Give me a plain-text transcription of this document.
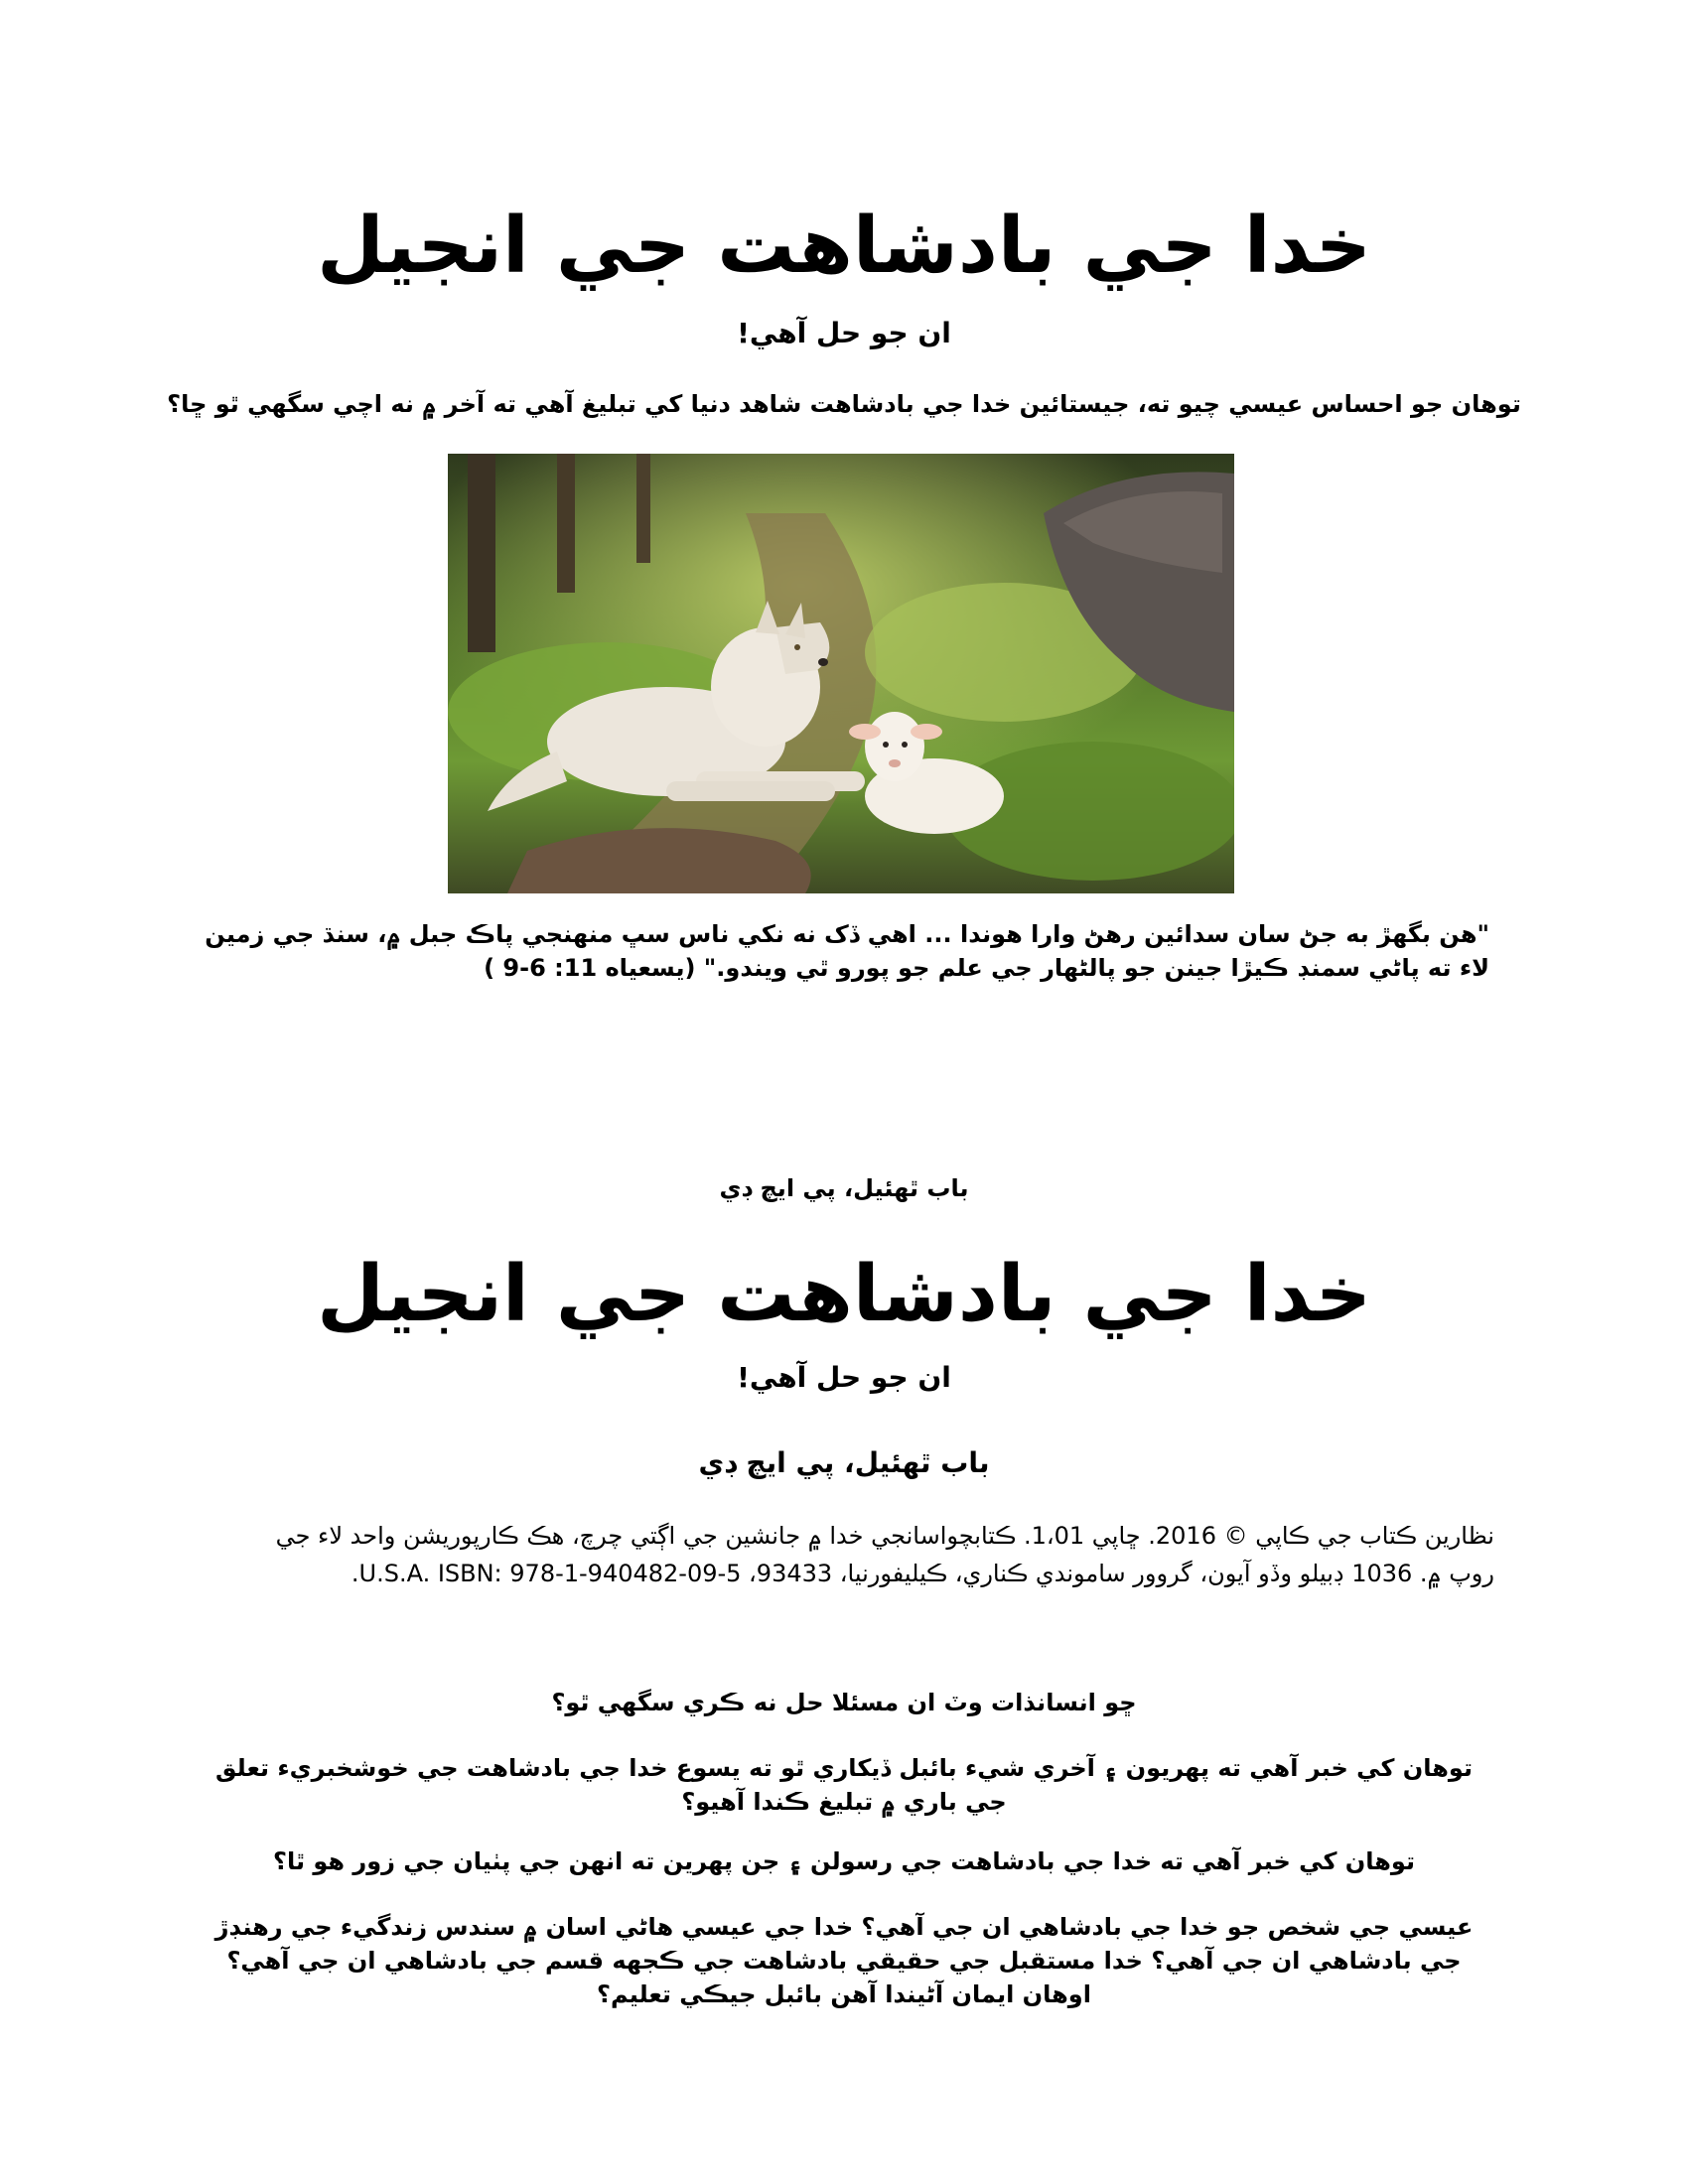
خدا جي بادشاهت جي انجيل

ان جو حل آهي!

توهان جو احساس عيسي چيو ته، جيستائين خدا جي بادشاهت شاهد دنيا کي تبليغ آهي ته آخر ۾ نه اچي سگهي ٿو ڇا؟

"هن بگهڙ به جڻ سان سدائين رهڻ وارا هوندا ... اهي ڏک نه نکي ناس سڀ منهنجي پاڪ جبل ۾، سنڌ جي زمين لاء ته پاڻي سمنڊ ڪيڙا جينن جو پالڻهار جي علم جو پورو ٿي ويندو." (يسعياه 11: 6-9 )

باب ٿهئيل، پي ايچ ڊي

خدا جي بادشاهت جي انجيل

ان جو حل آهي!

باب ٿهئيل، پي ايچ ڊي

نظارين ڪتاب جي ڪاپي © 2016. ڇاپي 1،01. ڪتابچواسانجي خدا ۾ جانشين جي اڳتي چرچ، هڪ ڪارپوريشن واحد لاء جي
روپ ۾. 1036 ڊبيلو وڏو آيون، گروور ساموندي ڪناري، ڪيليفورنيا، 93433، U.S.A. ISBN: 978-1-940482-09-5.

ڇو انسانذات وٽ ان مسئلا حل نه ڪري سگهي ٿو؟

توهان کي خبر آهي ته پهريون ۽ آخري شيء بائبل ڏيکاري ٿو ته يسوع خدا جي بادشاهت جي خوشخبريء تعلق جي باري ۾ تبليغ ڪندا آهيو؟

توهان کي خبر آهي ته خدا جي بادشاهت جي رسولن ۽ جن پهرين ته انهن جي پٺيان جي زور هو ٿا؟

عيسي جي شخص جو خدا جي بادشاهي ان جي آهي؟ خدا جي عيسي هاڻي اسان ۾ سندس زندگيء جي رهنڊڙ جي بادشاهي ان جي آهي؟ خدا مستقبل جي حقيقي بادشاهت جي ڪجهه قسم جي بادشاهي ان جي آهي؟ اوهان ايمان آڻيندا آهن بائبل جيڪي تعليم؟
